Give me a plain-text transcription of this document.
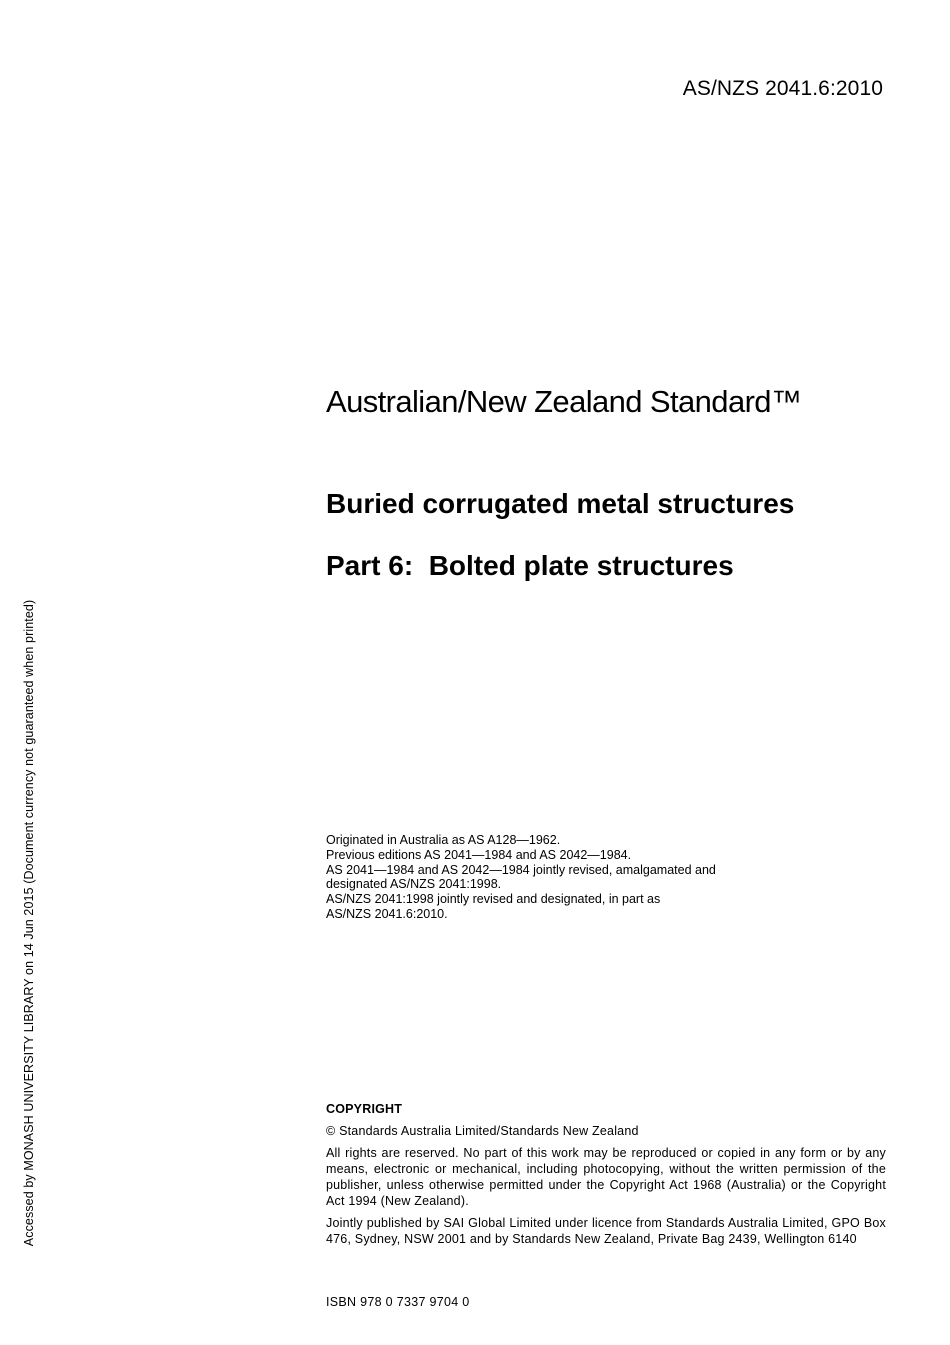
AS/NZS 2041.6:2010
Australian/New Zealand Standard™
Buried corrugated metal structures
Part 6:  Bolted plate structures
Originated in Australia as AS A128—1962.
Previous editions AS 2041—1984 and AS 2042—1984.
AS 2041—1984 and AS 2042—1984 jointly revised, amalgamated and
designated AS/NZS 2041:1998.
AS/NZS 2041:1998 jointly revised and designated, in part as
AS/NZS 2041.6:2010.
COPYRIGHT

© Standards Australia Limited/Standards New Zealand

All rights are reserved. No part of this work may be reproduced or copied in any form or by any means, electronic or mechanical, including photocopying, without the written permission of the publisher, unless otherwise permitted under the Copyright Act 1968 (Australia) or the Copyright Act 1994 (New Zealand).

Jointly published by SAI Global Limited under licence from Standards Australia Limited, GPO Box 476, Sydney, NSW 2001 and by Standards New Zealand, Private Bag 2439, Wellington 6140

ISBN 978 0 7337 9704 0
Accessed by MONASH UNIVERSITY LIBRARY on 14 Jun 2015 (Document currency not guaranteed when printed)
